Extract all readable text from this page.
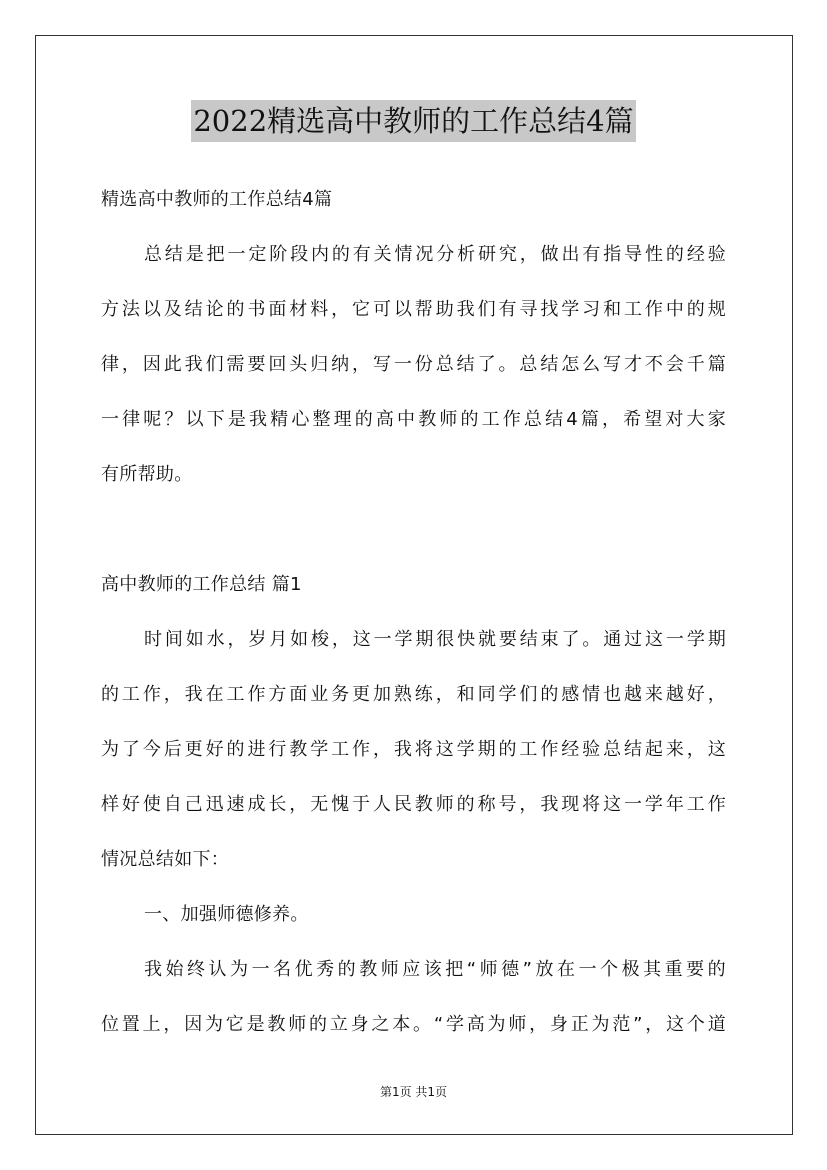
2022精选高中教师的工作总结4篇
精选高中教师的工作总结4篇
总结是把一定阶段内的有关情况分析研究，做出有指导性的经验
方法以及结论的书面材料，它可以帮助我们有寻找学习和工作中的规
律，因此我们需要回头归纳，写一份总结了。总结怎么写才不会千篇
一律呢？以下是我精心整理的高中教师的工作总结4篇，希望对大家
有所帮助。
高中教师的工作总结 篇1
时间如水，岁月如梭，这一学期很快就要结束了。通过这一学期
的工作，我在工作方面业务更加熟练，和同学们的感情也越来越好，
为了今后更好的进行教学工作，我将这学期的工作经验总结起来，这
样好使自己迅速成长，无愧于人民教师的称号，我现将这一学年工作
情况总结如下：
一、加强师德修养。
我始终认为一名优秀的教师应该把“师德”放在一个极其重要的
位置上，因为它是教师的立身之本。“学高为师，身正为范”，这个道
第1页 共1页
